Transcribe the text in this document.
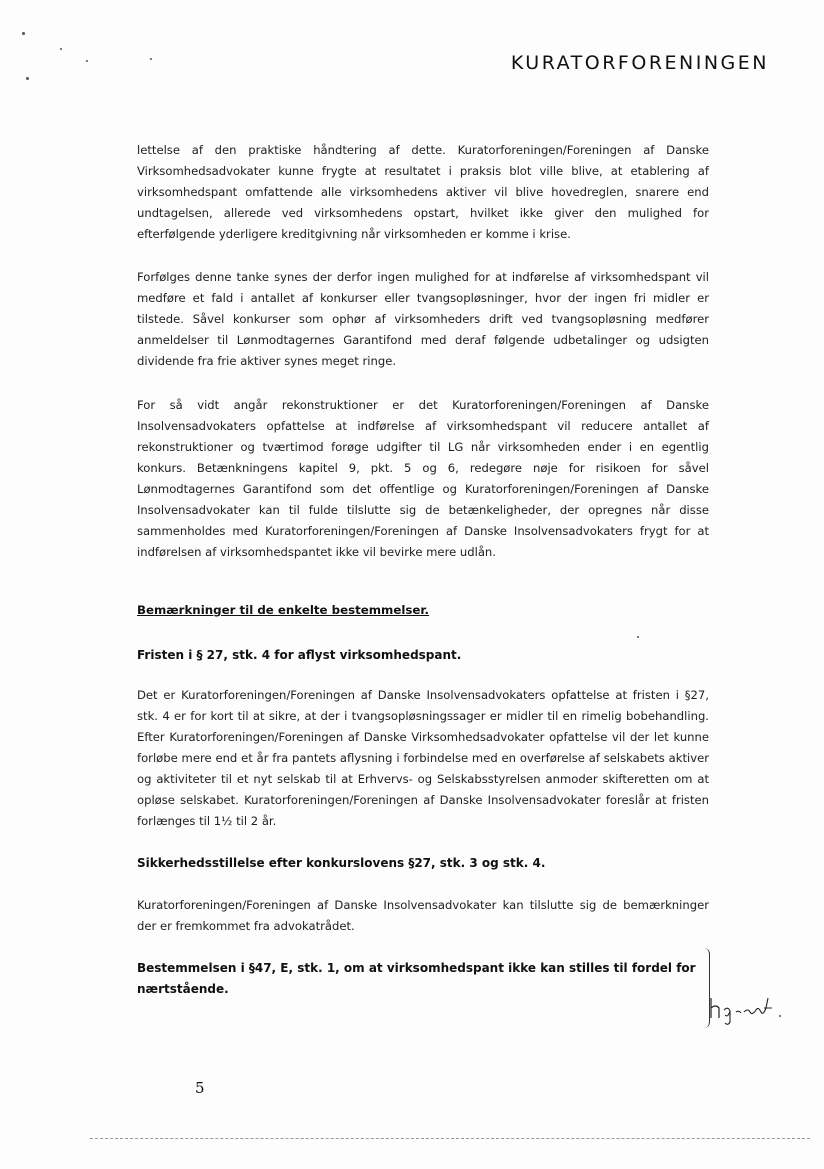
KURATORFORENINGEN
lettelse af den praktiske håndtering af dette. Kuratorforeningen/Foreningen af Danske Virksomhedsadvokater kunne frygte at resultatet i praksis blot ville blive, at etablering af virksomhedspant omfattende alle virksomhedens aktiver vil blive hovedreglen, snarere end undtagelsen, allerede ved virksomhedens opstart, hvilket ikke giver den mulighed for efterfølgende yderligere kreditgivning når virksomheden er komme i krise.
Forfølges denne tanke synes der derfor ingen mulighed for at indførelse af virksomhedspant vil medføre et fald i antallet af konkurser eller tvangsopløsninger, hvor der ingen fri midler er tilstede. Såvel konkurser som ophør af virksomheders drift ved tvangsopløsning medfører anmeldelser til Lønmodtagernes Garantifond med deraf følgende udbetalinger og udsigten dividende fra frie aktiver synes meget ringe.
For så vidt angår rekonstruktioner er det Kuratorforeningen/Foreningen af Danske Insolvensadvokaters opfattelse at indførelse af virksomhedspant vil reducere antallet af rekonstruktioner og tværtimod forøge udgifter til LG når virksomheden ender i en egentlig konkurs. Betænkningens kapitel 9, pkt. 5 og 6, redegøre nøje for risikoen for såvel Lønmodtagernes Garantifond som det offentlige og Kuratorforeningen/Foreningen af Danske Insolvensadvokater kan til fulde tilslutte sig de betænkeligheder, der opregnes når disse sammenholdes med Kuratorforeningen/Foreningen af Danske Insolvensadvokaters frygt for at indførelsen af virksomhedspantet ikke vil bevirke mere udlån.
Bemærkninger til de enkelte bestemmelser.
Fristen i § 27, stk. 4 for aflyst virksomhedspant.
Det er Kuratorforeningen/Foreningen af Danske Insolvensadvokaters opfattelse at fristen i §27, stk. 4 er for kort til at sikre, at der i tvangsopløsningssager er midler til en rimelig bobehandling. Efter Kuratorforeningen/Foreningen af Danske Virksomhedsadvokater opfattelse vil der let kunne forløbe mere end et år fra pantets aflysning i forbindelse med en overførelse af selskabets aktiver og aktiviteter til et nyt selskab til at Erhvervs- og Selskabsstyrelsen anmoder skifteretten om at opløse selskabet. Kuratorforeningen/Foreningen af Danske Insolvensadvokater foreslår at fristen forlænges til 1½ til 2 år.
Sikkerhedsstillelse efter konkurslovens §27, stk. 3 og stk. 4.
Kuratorforeningen/Foreningen af Danske Insolvensadvokater kan tilslutte sig de bemærkninger der er fremkommet fra advokatrådet.
Bestemmelsen i §47, E, stk. 1, om at virksomhedspant ikke kan stilles til fordel for nærtstående.
5
